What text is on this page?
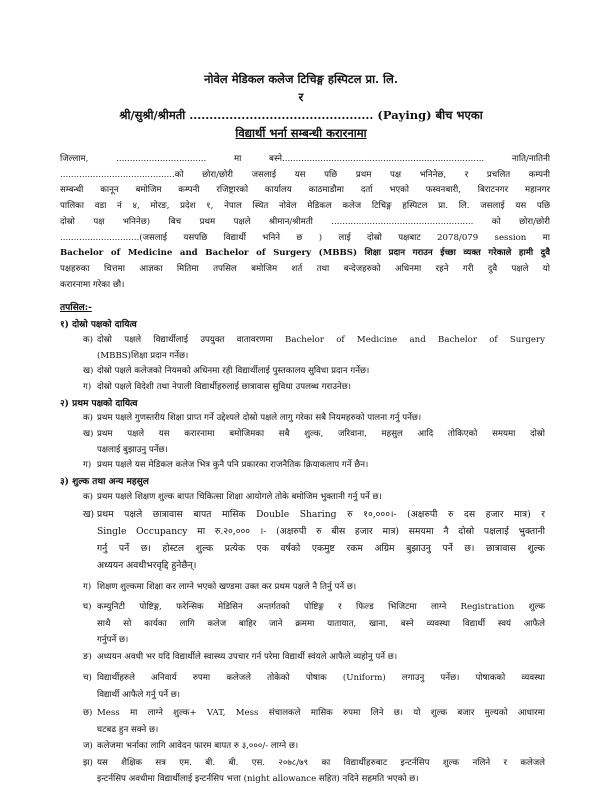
नोवेल मेडिकल कलेज टिचिङ्ग हस्पिटल प्रा. लि.
र
श्री/सुश्री/श्रीमती .............................................. (Paying) बीच भएका
विद्यार्थी भर्ना सम्बन्धी करारनामा
जिल्लाम, ................................. मा बस्ने.......................................................................... नाति/नातिनी
..........................................को छोरा/छोरी जसलाई यस पछि प्रथम पक्ष भनिनेछ, र प्रचलित कम्पनी
सम्बन्धी कानून बमोजिम कम्पनी रजिष्ट्रारको कार्यालय काठमाडौमा दर्ता भएको फस्वनबारी, बिराटनगर महानगर
पालिका वडा नं ४, मोरङ, प्रदेश १, नेपाल स्थित नोवेल मेडिकल कलेज टिचिङ्ग हस्पिटल प्रा. लि. जसलाई यस पछि
दोस्रो पक्ष भनिनेछ) बिच प्रथम पक्षले श्रीमान/श्रीमती .................................................... को छोरा/छोरी
.............................(जसलाई यसपछि विद्यार्थी भनिने छ ) लाई दोस्रो पक्षबाट 2078/079 session मा
Bachelor of Medicine and Bachelor of Surgery (MBBS) शिक्षा प्रदान गराउन ईच्छा व्यक्त गरेकाले हामी दुवै
पक्षहरुका चित्तमा आज्ञका मितिमा तपसिल बमोजिम शर्त तथा बन्देजहरुको अधिनमा रहने गरी दुवै पक्षले यो
करारनामा गरेका छौ।
तपसिल:-
१) दोस्रो पक्षको दायित्व
क) दोस्रो पक्षले विद्यार्थीलाई उपयुक्त वातावरणमा Bachelor of Medicine and Bachelor of Surgery
(MBBS)शिक्षा प्रदान गर्नेछ।
ख) दोस्रो पक्षले कलेजको नियमको अधिनमा रही विद्यार्थीलाई पुस्तकालय सुविधा प्रदान गर्नेछ।
ग) दोस्रो पक्षले विदेशी तथा नेपाली विद्यार्थीहरुलाई छात्रावास सुविधा उपलब्ध गराउनेछ।
२) प्रथम पक्षको दायित्व
क) प्रथम पक्षले गुणस्तरीय शिक्षा प्राप्त गर्ने उद्देश्यले दोस्रो पक्षले लागु गरेका सबै नियमहरुको पालना गर्नु पर्नेछ।
ख) प्रथम पक्षले यस करारनामा बमोजिमका सबै शुल्क, जरिवाना, महसुल आदि तोकिएको समयमा दोस्रो
पक्षलाई बुझाउनु पर्नेछ।
ग) प्रथम पक्षले यस मेडिकल कलेज भित्र कुनै पनि प्रकारका राजनैतिक क्रियाकलाप गर्ने छैन।
३) शुल्क तथा अन्य महसुल
क) प्रथम पक्षले शिक्षण शुल्क बापत चिकित्सा शिक्षा आयोगले तोके बमोजिम भुक्तानी गर्नु पर्ने छ।
ख) प्रथम पक्षले छात्रावास बापत मासिक Double Sharing रु १०,०००।- (अक्षरुपी रु दस हजार मात्र) र
Single Occupancy मा रु.२०,००० ।- (अक्षरुपी रु बीस हजार मात्र) समयमा नै दोस्रो पक्षलाई भुक्तानी
गर्नु पर्ने छ। होस्टल शुल्क प्रत्येक एक वर्षको एकमुष्ट रकम अग्रिम बुझाउनु पर्ने छ। छात्रावास शुल्क
अध्ययन अवधीभरवृद्दि हुनेछैन्।
ग) शिक्षण शुल्कमा शिक्षा कर लाग्ने भएको खण्डमा उक्त कर प्रथम पक्षले नै तिर्नु पर्ने छ।
घ) कम्युनिटी पोष्टिङ्ग, फरेन्सिक मेडिसिन अन्तर्गतको पोष्टिङ्ग र फिल्ड भिजिटमा लाग्ने Registration शुल्क
साथै सो कार्यका लागि कलेज बाहिर जाने क्रममा यातायात, खाना, बस्ने व्यवस्था विद्यार्थी स्वयं आफैले
गर्नुपर्ने छ।
ङ) अध्ययन अवधी भर यदि विद्यार्थीले स्वास्थ्य उपचार गर्न परेमा विद्यार्थी स्वंयले आफैले व्यहोनु पर्ने छ।
च) विद्यार्थीहरुले अनिवार्य रुपमा कलेजले तोकेको पोषाक (Uniform) लगाउनु पर्नेछ। पोषाकको व्यवस्था
विद्यार्थी आफैले गर्नु पर्ने छ।
छ) Mess मा लाग्ने शुल्क+ VAT, Mess संचालकले मासिक रुपमा लिने छ। यो शुल्क बजार मुल्यको आधारमा
घटबढ हुन सक्ने छ।
ज) कलेजमा भर्नाका लागि आवेदन फारम बापत रु ३,०००/- लाग्ने छ।
झ) यस शैक्षिक सत्र एम. बी. बी. एस. २०७८/७९ का विद्यार्थीहरुबाट इन्टर्नसिप शुल्क नलिने र कलेजले
इन्टर्नसिप अवधीमा विद्यार्थीलाई इन्टर्नसिप भत्ता (night allowance सहित) नदिने सहमति भएको छ।
